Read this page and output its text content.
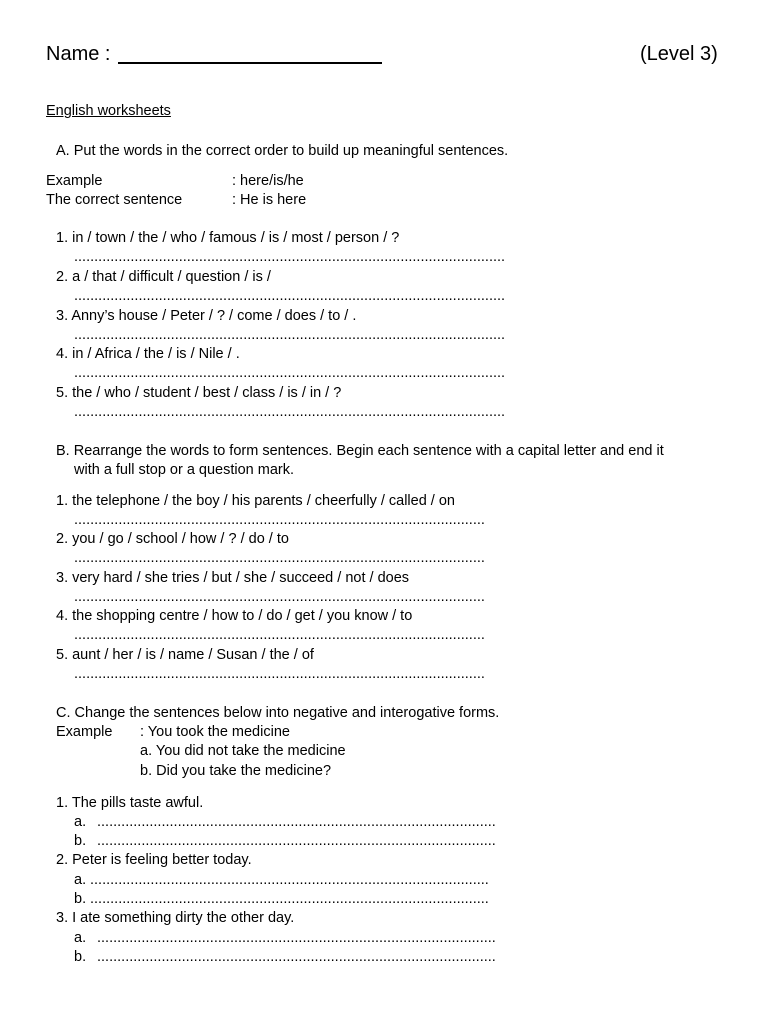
Name :	(Level 3)
English worksheets
A. Put the words in the correct order to build up meaningful sentences.
Example	: here/is/he
The correct sentence	: He is here
1. in / town / the / who / famous / is / most / person / ?
...........................................................................................................
2. a / that / difficult / question / is /
...........................................................................................................
3. Anny’s house / Peter / ? / come / does / to / .
...........................................................................................................
4. in / Africa / the / is / Nile / .
...........................................................................................................
5. the / who / student / best / class / is / in / ?
...........................................................................................................
B. Rearrange the words to form sentences. Begin each sentence with a capital letter and end it
with a full stop or a question mark.
1. the telephone / the boy / his parents / cheerfully / called / on
......................................................................................................
2. you / go / school / how / ? / do / to
......................................................................................................
3. very hard / she tries / but / she / succeed / not / does
......................................................................................................
4. the shopping centre / how to / do / get / you know / to
......................................................................................................
5. aunt / her / is / name / Susan / the / of
......................................................................................................
C. Change the sentences below into negative and interogative forms.
Example : You took the medicine
a. You did not take the medicine
b. Did you take the medicine?
1. The pills taste awful.
a. ...................................................................................................
b. ...................................................................................................
2. Peter is feeling better today.
a. ...................................................................................................
b. ...................................................................................................
3. I ate something dirty the other day.
a. ...................................................................................................
b. ...................................................................................................
